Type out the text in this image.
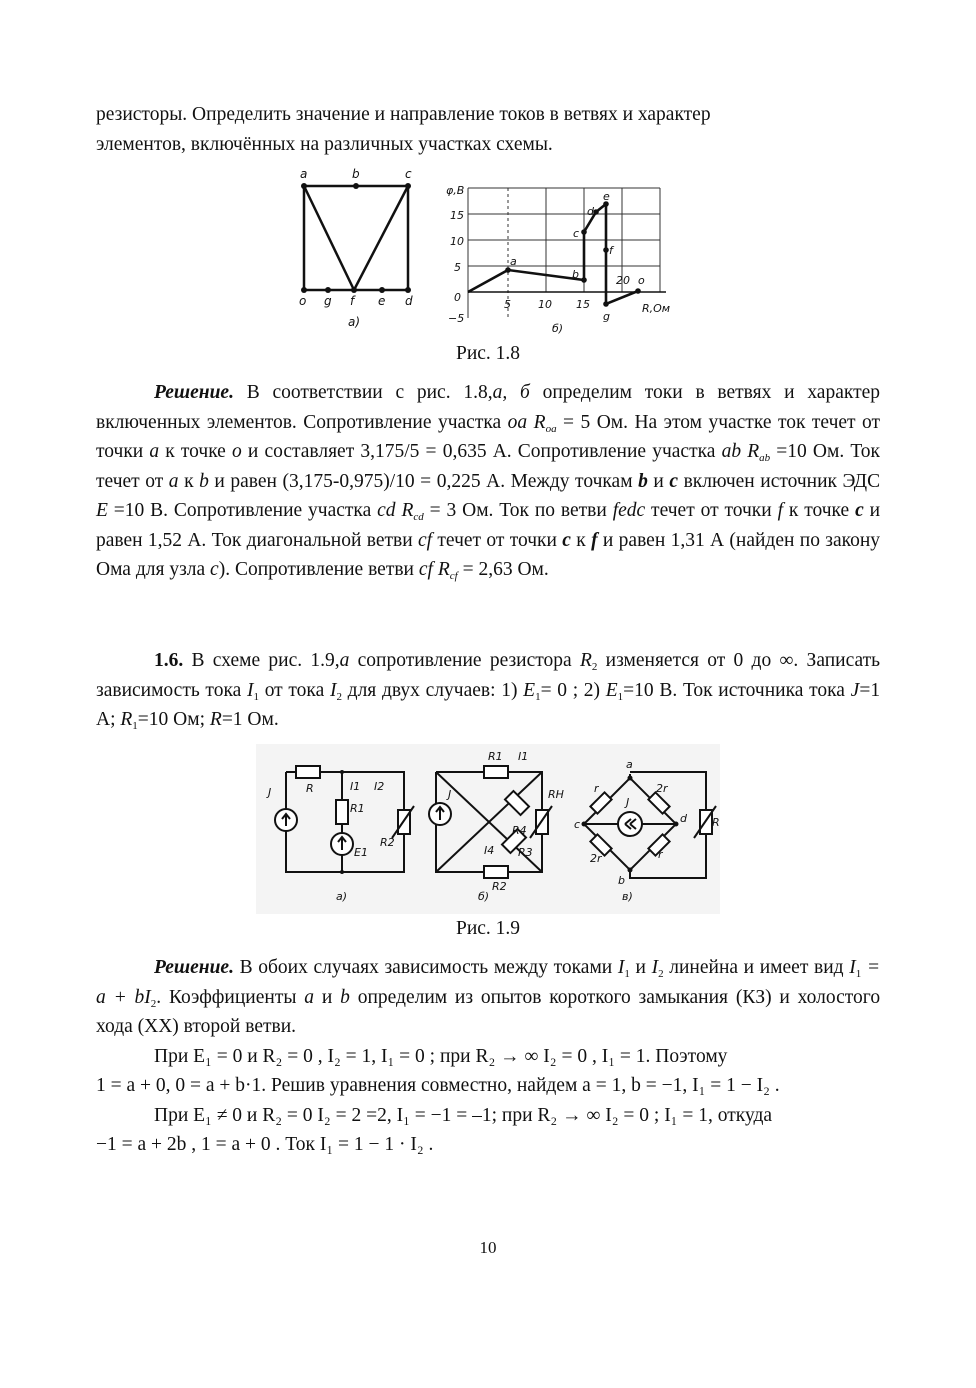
резисторы. Определить значение и направление токов в ветвях и характер
элементов, включённых на различных участках схемы.
a	b	c
o g f e d
а)
φ,В
15
10
5
0
−5
5 10 15
20
R,Ом
a
b
c
d
e
f
g
o
б)
Рис. 1.8
Решение. В соответствии с рис. 1.8,а, б определим токи в ветвях и характер включенных элементов. Сопротивление участка oa $R_{oa} = 5$ Ом. На этом участке ток течет от точки a к точке o и составляет 3,175/5 = 0,635 А. Сопротивление участка ab $R_{ab} =10$ Ом. Ток течет от a к b и равен (3,175-0,975)/10 = 0,225 А. Между точкам b и c включен источник ЭДС E =10 В. Сопротивление участка cd $R_{cd} = 3$ Ом. Ток по ветви fedc течет от точки f к точке c и равен 1,52 А. Ток диагональной ветви cf течет от точки c к f и равен 1,31 А (найден по закону Ома для узла с). Сопротивление ветви cf $R_{cf} = 2,63$ Ом.
1.6. В схеме рис. 1.9,а сопротивление резистора $R_2$ изменяется от 0 до ∞. Записать зависимость тока $I_1$ от тока $I_2$ для двух случаев: 1) $E_1= 0$ ; 2) $E_1=10$ В. Ток источника тока J=1 А; $R_1=10$ Ом; R=1 Ом.
J	R	I1
R1
I2
E1
R2
а)
R1 I1
J
R4
RH
R3
I4
R2
б)
a
r
J
2r
c	d R
2r	r
b
в)
Рис. 1.9
Решение. В обоих случаях зависимость между токами $I_1$ и $I_2$ линейна и имеет вид $I_1 = a + bI_2$. Коэффициенты a и b определим из опытов короткого замыкания (КЗ) и холостого хода (ХХ) второй ветви.
При E₁ = 0 и R₂ = 0 , I₂ = 1, I₁ = 0 ; при R₂ → ∞ I₂ = 0 , I₁ = 1. Поэтому
1 = a + 0, 0 = a + b·1. Решив уравнения совместно, найдем a = 1, b = −1, I₁ = 1 − I₂ .
При E₁ ≠ 0 и R₂ = 0 I₂ = 2 =2, I₁ = −1 = –1; при R₂ → ∞ I₂ = 0 ; I₁ = 1, откуда
−1 = a + 2b , 1 = a + 0 . Ток I₁ = 1 − 1 · I₂ .
10
